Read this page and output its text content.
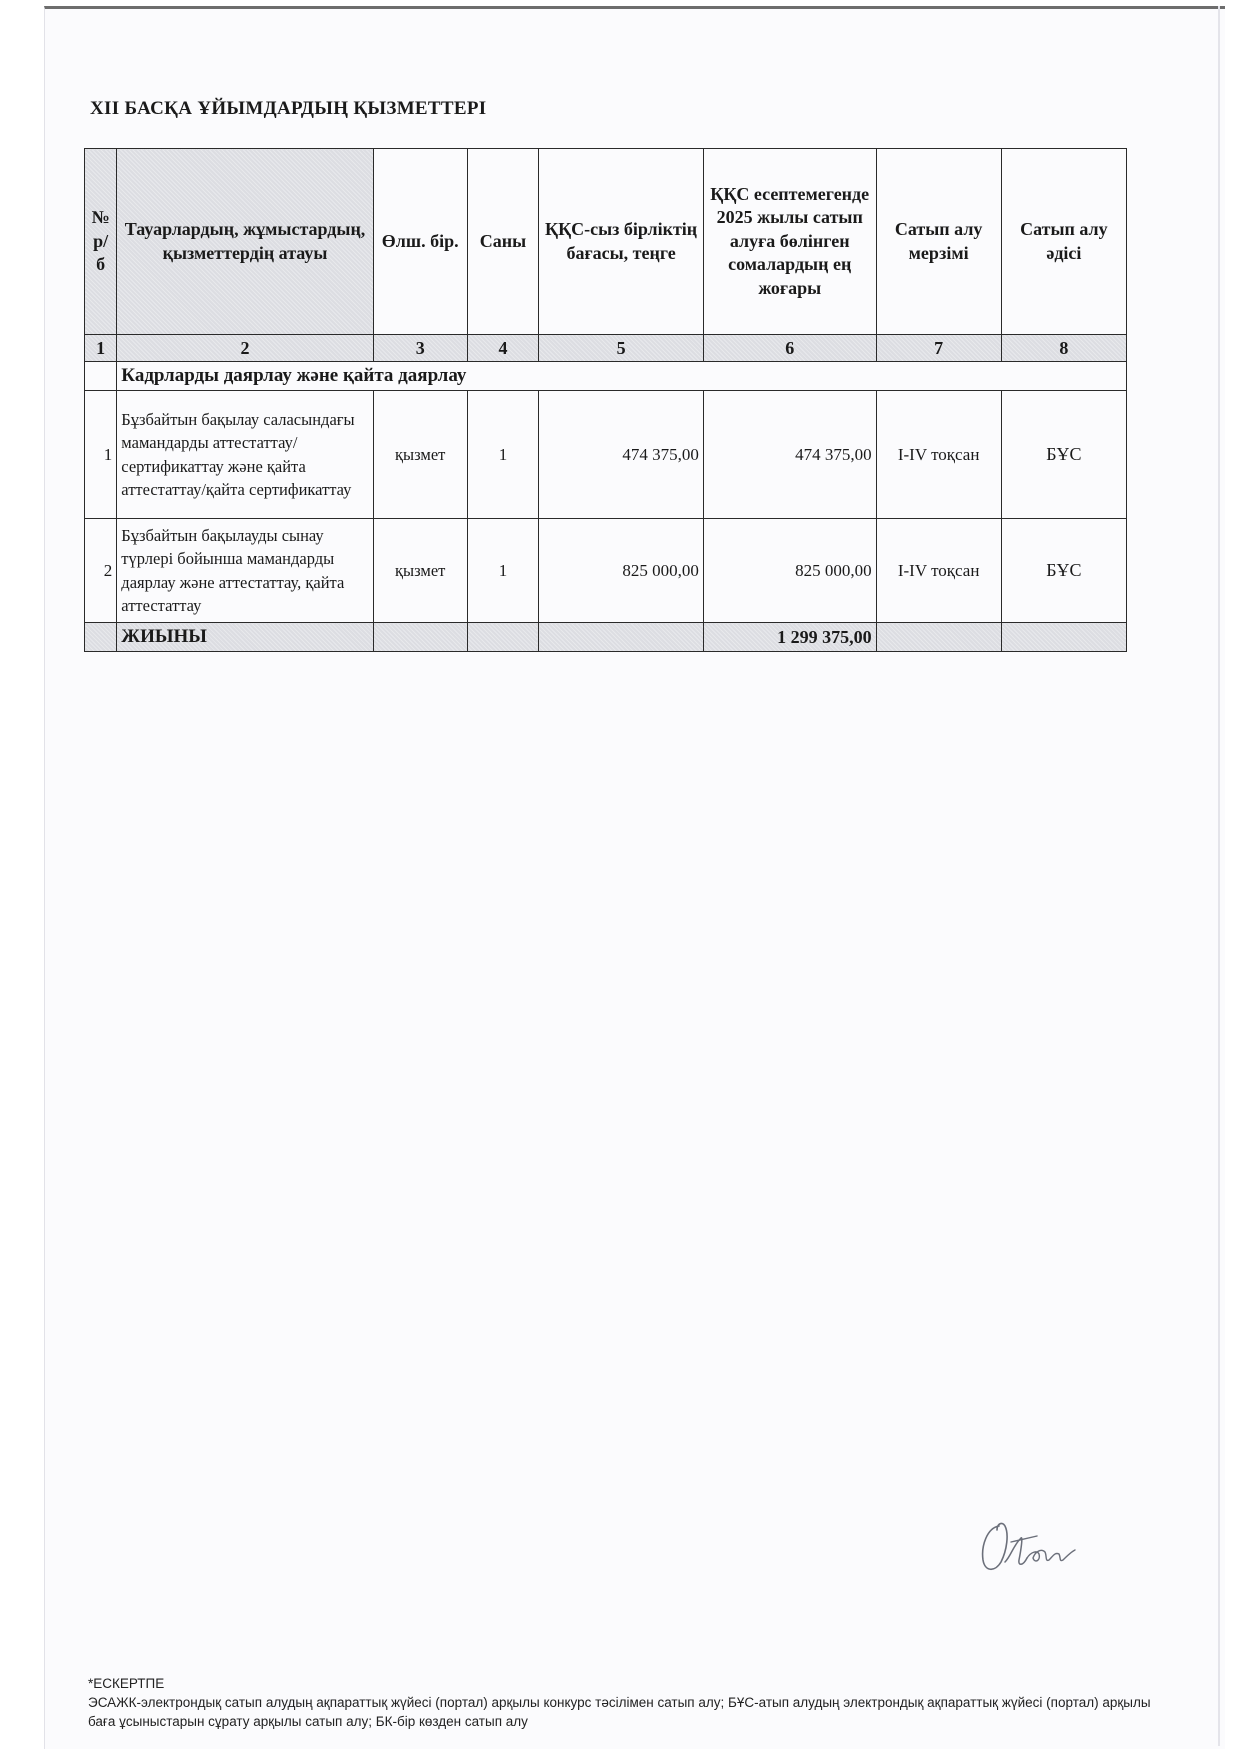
XII БАСҚА ҰЙЫМДАРДЫҢ ҚЫЗМЕТТЕРІ
№ р/б	Тауарлардың, жұмыстардың, қызметтердің атауы	Өлш. бір.	Саны	ҚҚС-сыз бірліктің бағасы, теңге	ҚҚС есептемегенде 2025 жылы сатып алуға бөлінген сомалардың ең жоғары	Сатып алу мерзімі	Сатып алу әдісі
1	2	3	4	5	6	7	8
	Кадрларды даярлау және қайта даярлау						
1	Бұзбайтын бақылау саласындағы мамандарды аттестаттау/сертификаттау жәнe қайта аттестаттау/қайта сертификаттау	қызмет	1	474 375,00	474 375,00	I-IV тоқсан	БҰС
2	Бұзбайтын бақылауды сынау түрлері бойынша мамандарды даярлау және аттестаттау, қайта аттестаттау	қызмет	1	825 000,00	825 000,00	I-IV тоқсан	БҰС
	ЖИЫНЫ				1 299 375,00		
*ЕСКЕРТПЕ
ЭСАЖК-электрондық сатып алудың ақпараттық жүйесі (портал) арқылы конкурс тәсілімен сатып алу; БҰС-атып алудың электрондық ақпараттық жүйесі (портал) арқылы баға ұсыныстарын сұрату арқылы сатып алу; БК-бір көзден сатып алу
